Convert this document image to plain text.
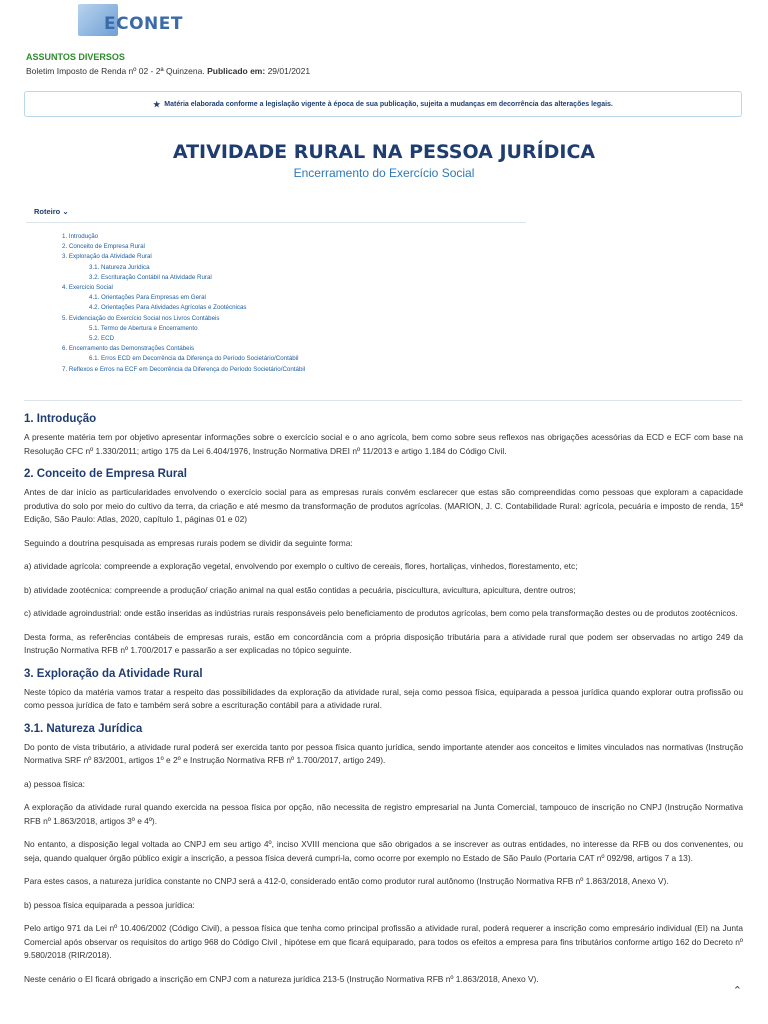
ECONET
ASSUNTOS DIVERSOS
Boletim Imposto de Renda nº 02 - 2ª Quinzena. Publicado em: 29/01/2021
★ Matéria elaborada conforme a legislação vigente à época de sua publicação, sujeita a mudanças em decorrência das alterações legais.
ATIVIDADE RURAL NA PESSOA JURÍDICA
Encerramento do Exercício Social
Roteiro ⌄
1. Introdução
2. Conceito de Empresa Rural
3. Exploração da Atividade Rural
3.1. Natureza Jurídica
3.2. Escrituração Contábil na Atividade Rural
4. Exercício Social
4.1. Orientações Para Empresas em Geral
4.2. Orientações Para Atividades Agrícolas e Zootécnicas
5. Evidenciação do Exercício Social nos Livros Contábeis
5.1. Termo de Abertura e Encerramento
5.2. ECD
6. Encerramento das Demonstrações Contábeis
6.1. Erros ECD em Decorrência da Diferença do Período Societário/Contábil
7. Reflexos e Erros na ECF em Decorrência da Diferença do Período Societário/Contábil
1. Introdução

A presente matéria tem por objetivo apresentar informações sobre o exercício social e o ano agrícola, bem como sobre seus reflexos nas obrigações acessórias da ECD e ECF com base na Resolução CFC nº 1.330/2011; artigo 175 da Lei 6.404/1976, Instrução Normativa DREI nº 11/2013 e artigo 1.184 do Código Civil.

2. Conceito de Empresa Rural

Antes de dar início as particularidades envolvendo o exercício social para as empresas rurais convém esclarecer que estas são compreendidas como pessoas que exploram a capacidade produtiva do solo por meio do cultivo da terra, da criação e até mesmo da transformação de produtos agrícolas. (MARION, J. C. Contabilidade Rural: agrícola, pecuária e imposto de renda, 15ª Edição, São Paulo: Atlas, 2020, capítulo 1, páginas 01 e 02)

Seguindo a doutrina pesquisada as empresas rurais podem se dividir da seguinte forma:

a) atividade agrícola: compreende a exploração vegetal, envolvendo por exemplo o cultivo de cereais, flores, hortaliças, vinhedos, florestamento, etc;

b) atividade zootécnica: compreende a produção/ criação animal na qual estão contidas a pecuária, piscicultura, avicultura, apicultura, dentre outros;

c) atividade agroindustrial: onde estão inseridas as indústrias rurais responsáveis pelo beneficiamento de produtos agrícolas, bem como pela transformação destes ou de produtos zootécnicos.

Desta forma, as referências contábeis de empresas rurais, estão em concordância com a própria disposição tributária para a atividade rural que podem ser observadas no artigo 249 da Instrução Normativa RFB nº 1.700/2017 e passarão a ser explicadas no tópico seguinte.

3. Exploração da Atividade Rural

Neste tópico da matéria vamos tratar a respeito das possibilidades da exploração da atividade rural, seja como pessoa física, equiparada a pessoa jurídica quando explorar outra profissão ou como pessoa jurídica de fato e também será sobre a escrituração contábil para a atividade rural.

3.1. Natureza Jurídica

Do ponto de vista tributário, a atividade rural poderá ser exercida tanto por pessoa física quanto jurídica, sendo importante atender aos conceitos e limites vinculados nas normativas (Instrução Normativa SRF nº 83/2001, artigos 1º e 2º e Instrução Normativa RFB nº 1.700/2017, artigo 249).

a) pessoa física:

A exploração da atividade rural quando exercida na pessoa física por opção, não necessita de registro empresarial na Junta Comercial, tampouco de inscrição no CNPJ (Instrução Normativa RFB nº 1.863/2018, artigos 3º e 4º).

No entanto, a disposição legal voltada ao CNPJ em seu artigo 4º, inciso XVIII menciona que são obrigados a se inscrever as outras entidades, no interesse da RFB ou dos convenentes, ou seja, quando qualquer órgão público exigir a inscrição, a pessoa física deverá cumpri-la, como ocorre por exemplo no Estado de São Paulo (Portaria CAT nº 092/98, artigos 7 a 13).

Para estes casos, a natureza jurídica constante no CNPJ será a 412-0, considerado então como produtor rural autônomo (Instrução Normativa RFB nº 1.863/2018, Anexo V).

b) pessoa física equiparada a pessoa jurídica:

Pelo artigo 971 da Lei nº 10.406/2002 (Código Civil), a pessoa física que tenha como principal profissão a atividade rural, poderá requerer a inscrição como empresário individual (EI) na Junta Comercial após observar os requisitos do artigo 968 do Código Civil , hipótese em que ficará equiparado, para todos os efeitos a empresa para fins tributários conforme artigo 162 do Decreto nº 9.580/2018 (RIR/2018).

Neste cenário o EI ficará obrigado a inscrição em CNPJ com a natureza jurídica 213-5 (Instrução Normativa RFB nº 1.863/2018, Anexo V).

⌃
